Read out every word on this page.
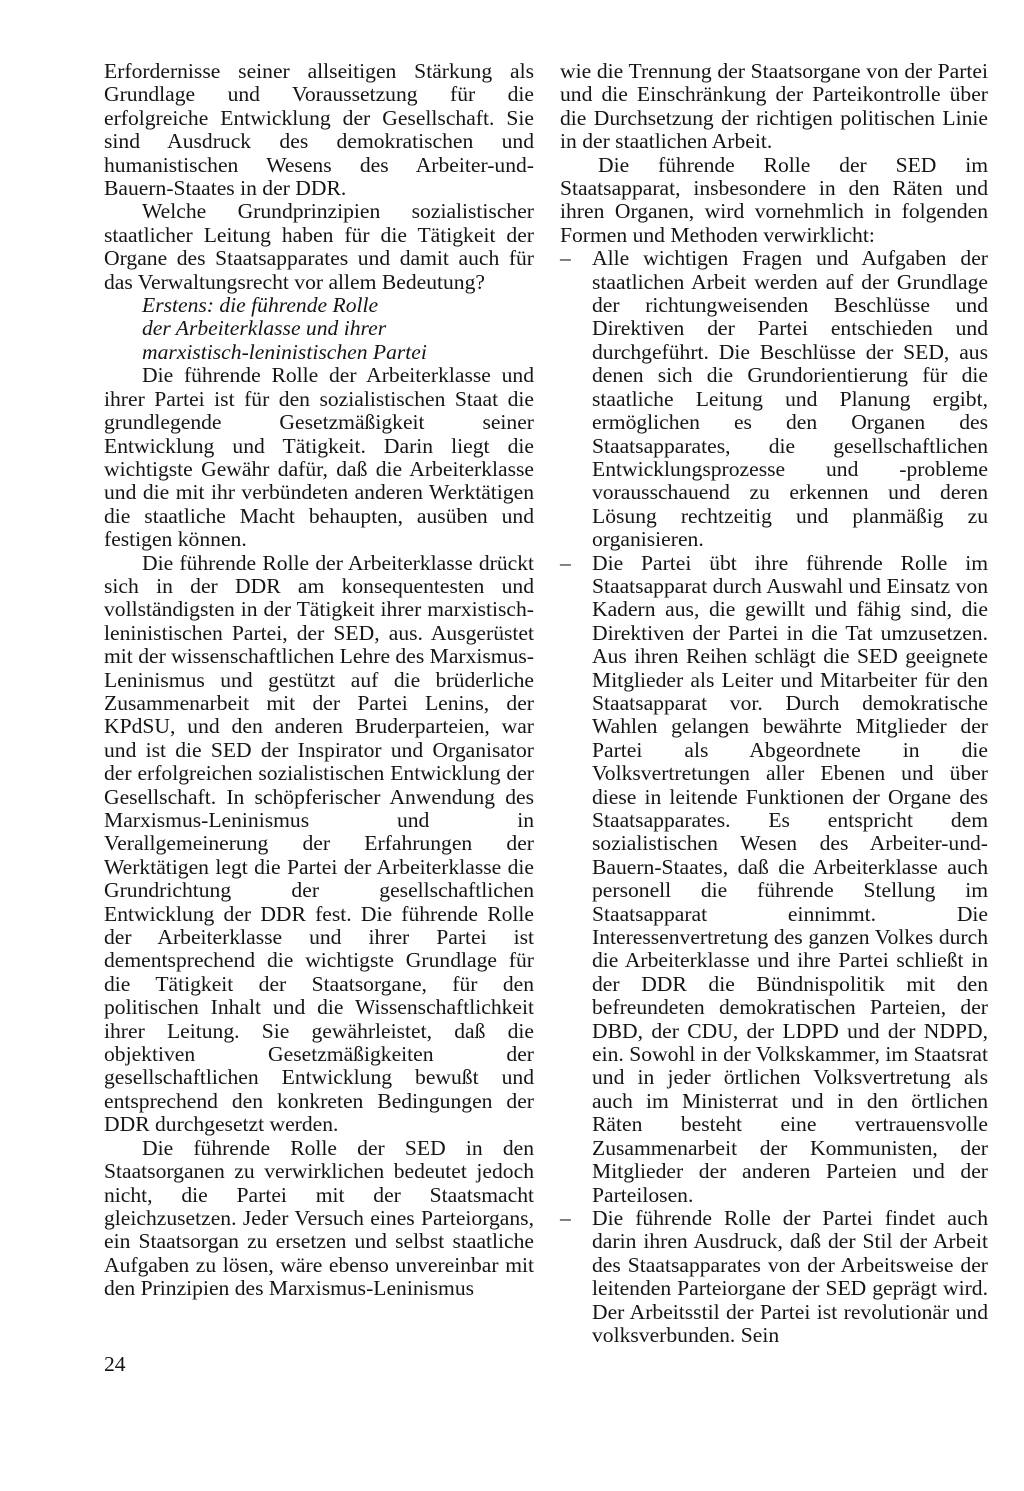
Erfordernisse seiner allseitigen Stärkung als Grundlage und Voraussetzung für die erfolgreiche Entwicklung der Gesellschaft. Sie sind Ausdruck des demokratischen und humanistischen Wesens des Arbeiter-und-Bauern-Staates in der DDR.

Welche Grundprinzipien sozialistischer staatlicher Leitung haben für die Tätigkeit der Organe des Staatsapparates und damit auch für das Verwaltungsrecht vor allem Bedeutung?

Erstens: die führende Rolle
der Arbeiterklasse und ihrer
marxistisch-leninistischen Partei

Die führende Rolle der Arbeiterklasse und ihrer Partei ist für den sozialistischen Staat die grundlegende Gesetzmäßigkeit seiner Entwicklung und Tätigkeit. Darin liegt die wichtigste Gewähr dafür, daß die Arbeiterklasse und die mit ihr verbündeten anderen Werktätigen die staatliche Macht behaupten, ausüben und festigen können.

Die führende Rolle der Arbeiterklasse drückt sich in der DDR am konsequentesten und vollständigsten in der Tätigkeit ihrer marxistisch-leninistischen Partei, der SED, aus. Ausgerüstet mit der wissenschaftlichen Lehre des Marxismus-Leninismus und gestützt auf die brüderliche Zusammenarbeit mit der Partei Lenins, der KPdSU, und den anderen Bruderparteien, war und ist die SED der Inspirator und Organisator der erfolgreichen sozialistischen Entwicklung der Gesellschaft. In schöpferischer Anwendung des Marxismus-Leninismus und in Verallgemeinerung der Erfahrungen der Werktätigen legt die Partei der Arbeiterklasse die Grundrichtung der gesellschaftlichen Entwicklung der DDR fest. Die führende Rolle der Arbeiterklasse und ihrer Partei ist dementsprechend die wichtigste Grundlage für die Tätigkeit der Staatsorgane, für den politischen Inhalt und die Wissenschaftlichkeit ihrer Leitung. Sie gewährleistet, daß die objektiven Gesetzmäßigkeiten der gesellschaftlichen Entwicklung bewußt und entsprechend den konkreten Bedingungen der DDR durchgesetzt werden.

Die führende Rolle der SED in den Staatsorganen zu verwirklichen bedeutet jedoch nicht, die Partei mit der Staatsmacht gleichzusetzen. Jeder Versuch eines Parteiorgans, ein Staatsorgan zu ersetzen und selbst staatliche Aufgaben zu lösen, wäre ebenso unvereinbar mit den Prinzipien des Marxismus-Leninismus

wie die Trennung der Staatsorgane von der Partei und die Einschränkung der Parteikontrolle über die Durchsetzung der richtigen politischen Linie in der staatlichen Arbeit.

Die führende Rolle der SED im Staatsapparat, insbesondere in den Räten und ihren Organen, wird vornehmlich in folgenden Formen und Methoden verwirklicht:

– Alle wichtigen Fragen und Aufgaben der staatlichen Arbeit werden auf der Grundlage der richtungweisenden Beschlüsse und Direktiven der Partei entschieden und durchgeführt. Die Beschlüsse der SED, aus denen sich die Grundorientierung für die staatliche Leitung und Planung ergibt, ermöglichen es den Organen des Staatsapparates, die gesellschaftlichen Entwicklungsprozesse und -probleme vorausschauend zu erkennen und deren Lösung rechtzeitig und planmäßig zu organisieren.
– Die Partei übt ihre führende Rolle im Staatsapparat durch Auswahl und Einsatz von Kadern aus, die gewillt und fähig sind, die Direktiven der Partei in die Tat umzusetzen. Aus ihren Reihen schlägt die SED geeignete Mitglieder als Leiter und Mitarbeiter für den Staatsapparat vor. Durch demokratische Wahlen gelangen bewährte Mitglieder der Partei als Abgeordnete in die Volksvertretungen aller Ebenen und über diese in leitende Funktionen der Organe des Staatsapparates. Es entspricht dem sozialistischen Wesen des Arbeiter-und-Bauern-Staates, daß die Arbeiterklasse auch personell die führende Stellung im Staatsapparat einnimmt. Die Interessenvertretung des ganzen Volkes durch die Arbeiterklasse und ihre Partei schließt in der DDR die Bündnispolitik mit den befreundeten demokratischen Parteien, der DBD, der CDU, der LDPD und der NDPD, ein. Sowohl in der Volkskammer, im Staatsrat und in jeder örtlichen Volksvertretung als auch im Ministerrat und in den örtlichen Räten besteht eine vertrauensvolle Zusammenarbeit der Kommunisten, der Mitglieder der anderen Parteien und der Parteilosen.
– Die führende Rolle der Partei findet auch darin ihren Ausdruck, daß der Stil der Arbeit des Staatsapparates von der Arbeitsweise der leitenden Parteiorgane der SED geprägt wird. Der Arbeitsstil der Partei ist revolutionär und volksverbunden. Sein
24
